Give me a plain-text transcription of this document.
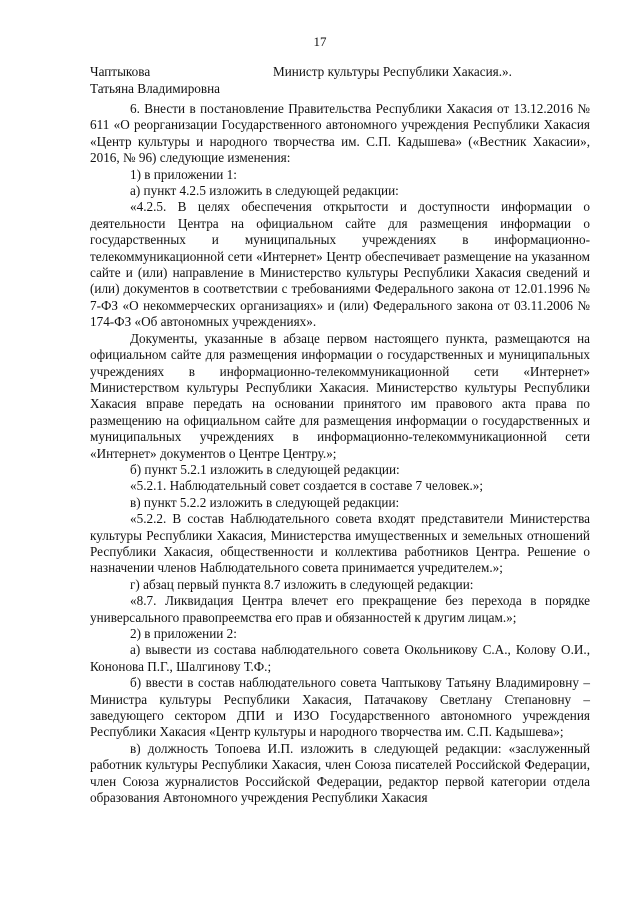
17
Чаптыкова
Татьяна Владимировна
Министр культуры Республики Хакасия.».

6. Внести в постановление Правительства Республики Хакасия от 13.12.2016 № 611 «О реорганизации Государственного автономного учреждения Республики Хакасия «Центр культуры и народного творчества им. С.П. Кадышева» («Вестник Хакасии», 2016, № 96) следующие изменения:

1) в приложении 1:

а) пункт 4.2.5 изложить в следующей редакции:

«4.2.5. В целях обеспечения открытости и доступности информации о деятельности Центра на официальном сайте для размещения информации о государственных и муниципальных учреждениях в информационно-телекоммуникационной сети «Интернет» Центр обеспечивает размещение на указанном сайте и (или) направление в Министерство культуры Республики Хакасия сведений и (или) документов в соответствии с требованиями Федерального закона от 12.01.1996 № 7-ФЗ «О некоммерческих организациях» и (или) Федерального закона от 03.11.2006 № 174-ФЗ «Об автономных учреждениях».

Документы, указанные в абзаце первом настоящего пункта, размещаются на официальном сайте для размещения информации о государственных и муниципальных учреждениях в информационно-телекоммуникационной сети «Интернет» Министерством культуры Республики Хакасия. Министерство культуры Республики Хакасия вправе передать на основании принятого им правового акта права по размещению на официальном сайте для размещения информации о государственных и муниципальных учреждениях в информационно-телекоммуникационной сети «Интернет» документов о Центре Центру.»;

б) пункт 5.2.1 изложить в следующей редакции:

«5.2.1. Наблюдательный совет создается в составе 7 человек.»;

в) пункт 5.2.2 изложить в следующей редакции:

«5.2.2. В состав Наблюдательного совета входят представители Министерства культуры Республики Хакасия, Министерства имущественных и земельных отношений Республики Хакасия, общественности и коллектива работников Центра. Решение о назначении членов Наблюдательного совета принимается учредителем.»;

г) абзац первый пункта 8.7 изложить в следующей редакции:

«8.7. Ликвидация Центра влечет его прекращение без перехода в порядке универсального правопреемства его прав и обязанностей к другим лицам.»;

2) в приложении 2:

а) вывести из состава наблюдательного совета Окольникову С.А., Колову О.И., Кононова П.Г., Шалгинову Т.Ф.;

б) ввести в состав наблюдательного совета Чаптыкову Татьяну Владимировну – Министра культуры Республики Хакасия, Патачакову Светлану Степановну – заведующего сектором ДПИ и ИЗО Государственного автономного учреждения Республики Хакасия «Центр культуры и народного творчества им. С.П. Кадышева»;

в) должность Топоева И.П. изложить в следующей редакции: «заслуженный работник культуры Республики Хакасия, член Союза писателей Российской Федерации, член Союза журналистов Российской Федерации, редактор первой категории отдела образования Автономного учреждения Республики Хакасия
